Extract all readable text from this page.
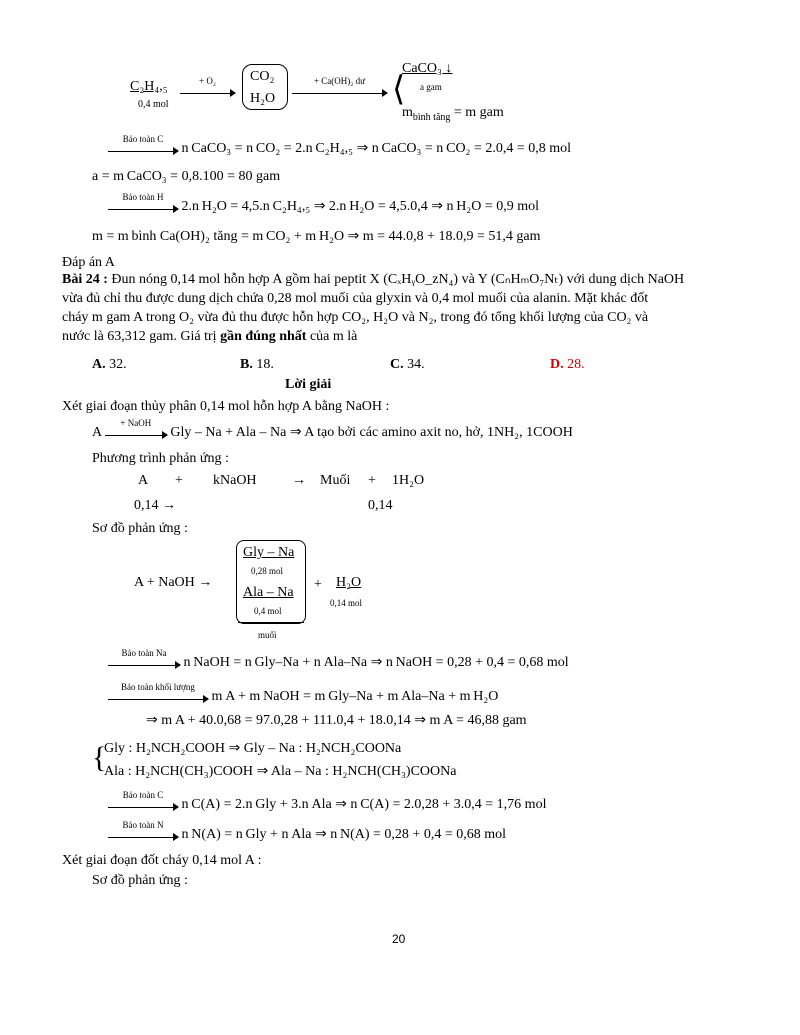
C₂H₄,₅
0,4 mol
+ O₂	CO₂
H₂O
+ Ca(OH)₂ dư ⟨
CaCO₃ ↓
a gam
$m_{bình tăng} = m$ gam
Bảo toàn C
n CaCO₃ = n CO₂ = 2.n C₂H₄,₅ ⇒ n CaCO₃ = n CO₂ = 2.0,4 = 0,8 mol
a = m CaCO₃ = 0,8.100 = 80 gam
Bảo toàn H
2.n H₂O = 4,5.n C₂H₄,₅ ⇒ 2.n H₂O = 4,5.0,4 ⇒ n H₂O = 0,9 mol
m = m bình Ca(OH)₂ tăng = m CO₂ + m H₂O ⇒ m = 44.0,8 + 18.0,9 = 51,4 gam
Đáp án A
Bài 24 : Đun nóng 0,14 mol hỗn hợp A gồm hai peptit X (CₓHᵧO_zN₄) và Y (CₙHₘO₇Nₜ) với dung dịch NaOH
vừa đủ chỉ thu được dung dịch chứa 0,28 mol muối của glyxin và 0,4 mol muối của alanin. Mặt khác đốt
cháy m gam A trong O₂ vừa đủ thu được hỗn hợp CO₂, H₂O và N₂, trong đó tổng khối lượng của CO₂ và
nước là 63,312 gam. Giá trị gần đúng nhất của m là
A. 32.	B. 18.	C. 34.	D. 28.
Lời giải
Xét giai đoạn thủy phân 0,14 mol hỗn hợp A bằng NaOH :
A
+ NaOH
Gly – Na + Ala – Na ⇒ A tạo bởi các amino axit no, hở, 1NH₂, 1COOH
Phương trình phản ứng :
A + kNaOH	→ Muối + 1H₂O
0,14 →	0,14
Sơ đồ phản ứng :
A + NaOH →
Gly – Na
0,28 mol
Ala – Na
0,4 mol
muối
+ H₂O
0,14 mol
Bảo toàn Na
n NaOH = n Gly–Na + n Ala–Na ⇒ n NaOH = 0,28 + 0,4 = 0,68 mol
Bảo toàn khối lượng
m A + m NaOH = m Gly–Na + m Ala–Na + m H₂O
⇒ m A + 40.0,68 = 97.0,28 + 111.0,4 + 18.0,14 ⇒ m A = 46,88 gam
{
Gly : H₂NCH₂COOH ⇒ Gly – Na : H₂NCH₂COONa
Ala : H₂NCH(CH₃)COOH ⇒ Ala – Na : H₂NCH(CH₃)COONa
Bảo toàn C
n C(A) = 2.n Gly + 3.n Ala ⇒ n C(A) = 2.0,28 + 3.0,4 = 1,76 mol
Bảo toàn N
n N(A) = n Gly + n Ala ⇒ n N(A) = 0,28 + 0,4 = 0,68 mol
Xét giai đoạn đốt cháy 0,14 mol A :
Sơ đồ phản ứng :
20
